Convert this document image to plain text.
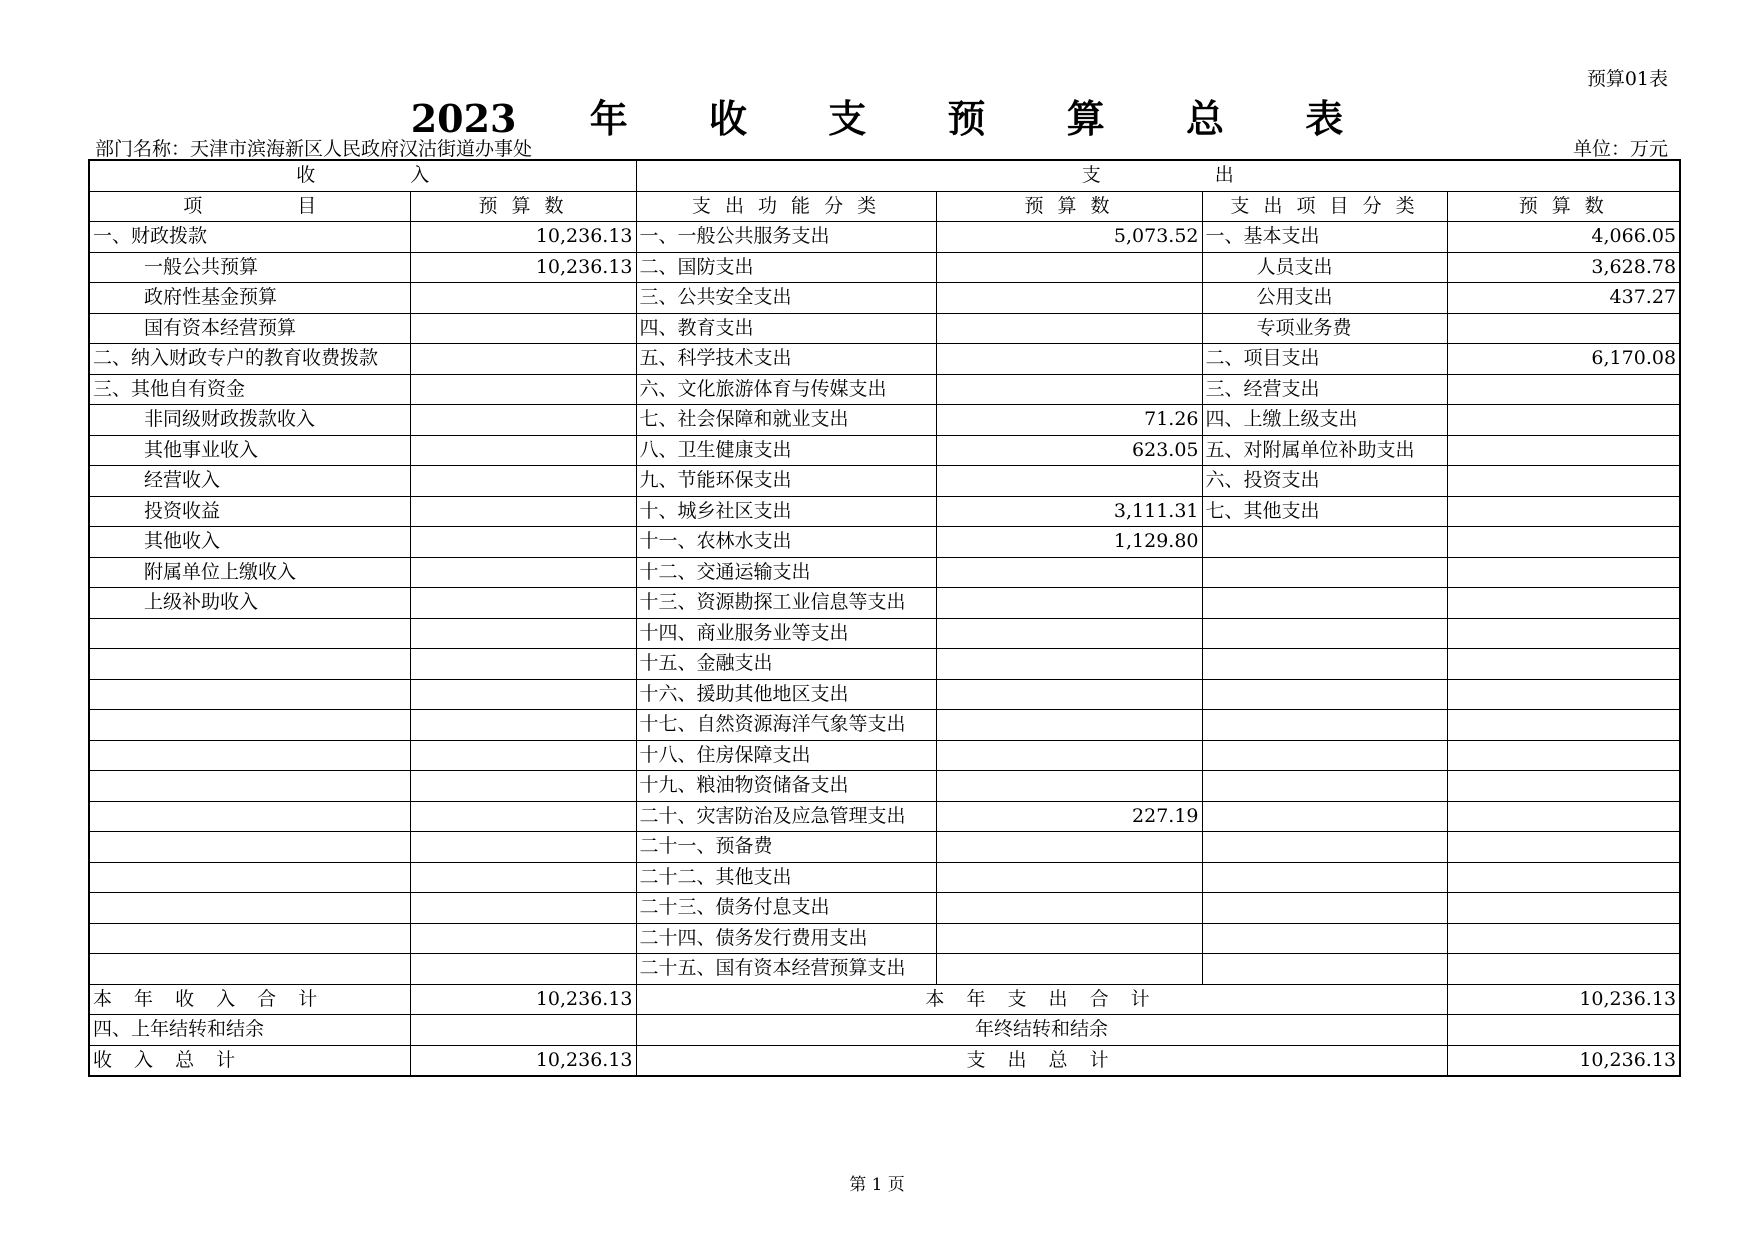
预算01表
2023 年 收 支 预 算 总 表
部门名称：天津市滨海新区人民政府汉沽街道办事处	单位：万元
收　　　　　入		支　　　　　　出			
项　　　　　目	预 算 数	支 出 功 能 分 类	预 算 数	支 出 项 目 分 类	预 算 数
一、财政拨款	10,236.13	一、一般公共服务支出	5,073.52	一、基本支出	4,066.05
一般公共预算	10,236.13	二、国防支出		人员支出	3,628.78
政府性基金预算		三、公共安全支出		公用支出	437.27
国有资本经营预算		四、教育支出		专项业务费	
二、纳入财政专户的教育收费拨款		五、科学技术支出		二、项目支出	6,170.08
三、其他自有资金		六、文化旅游体育与传媒支出		三、经营支出	
非同级财政拨款收入		七、社会保障和就业支出	71.26	四、上缴上级支出	
其他事业收入		八、卫生健康支出	623.05	五、对附属单位补助支出	
经营收入		九、节能环保支出		六、投资支出	
投资收益		十、城乡社区支出	3,111.31	七、其他支出	
其他收入		十一、农林水支出	1,129.80		
附属单位上缴收入		十二、交通运输支出			
上级补助收入		十三、资源勘探工业信息等支出			
		十四、商业服务业等支出			
		十五、金融支出			
		十六、援助其他地区支出			
		十七、自然资源海洋气象等支出			
		十八、住房保障支出			
		十九、粮油物资储备支出			
		二十、灾害防治及应急管理支出	227.19		
		二十一、预备费			
		二十二、其他支出			
		二十三、债务付息支出			
		二十四、债务发行费用支出			
		二十五、国有资本经营预算支出			
本 年 收 入 合 计	10,236.13	本 年 支 出 合 计			10,236.13
四、上年结转和结余		年终结转和结余			
收 入 总 计	10,236.13	支 出 总 计			10,236.13
第 1 页
